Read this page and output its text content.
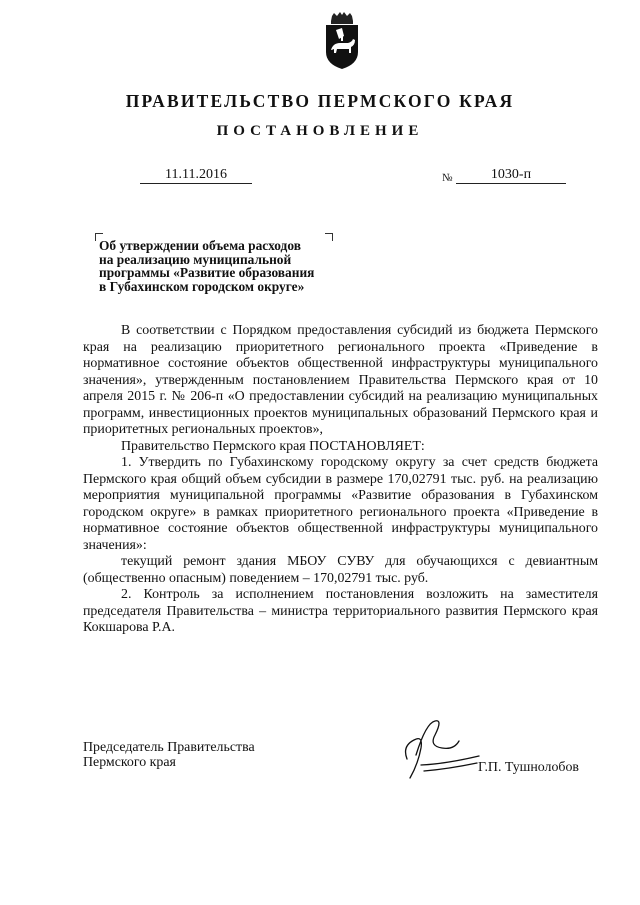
ПРАВИТЕЛЬСТВО ПЕРМСКОГО КРАЯ
ПОСТАНОВЛЕНИЕ
11.11.2016	№	1030-п
Об утверждении объема расходов
на реализацию муниципальной
программы «Развитие образования
в Губахинском городском округе»

В соответствии с Порядком предоставления субсидий из бюджета Пермского края на реализацию приоритетного регионального проекта «Приведение в нормативное состояние объектов общественной инфраструктуры муниципального значения», утвержденным постановлением Правительства Пермского края от 10 апреля 2015 г. № 206-п «О предоставлении субсидий на реализацию муниципальных программ, инвестиционных проектов муниципальных образований Пермского края и приоритетных региональных проектов»,

Правительство Пермского края ПОСТАНОВЛЯЕТ:

1. Утвердить по Губахинскому городскому округу за счет средств бюджета Пермского края общий объем субсидии в размере 170,02791 тыс. руб. на реализацию мероприятия муниципальной программы «Развитие образования в Губахинском городском округе» в рамках приоритетного регионального проекта «Приведение в нормативное состояние объектов общественной инфраструктуры муниципального значения»:

текущий ремонт здания МБОУ СУВУ для обучающихся с девиантным (общественно опасным) поведением – 170,02791 тыс. руб.

2. Контроль за исполнением постановления возложить на заместителя председателя Правительства – министра территориального развития Пермского края Кокшарова Р.А.

Председатель Правительства
Пермского края	Г.П. Тушнолобов
